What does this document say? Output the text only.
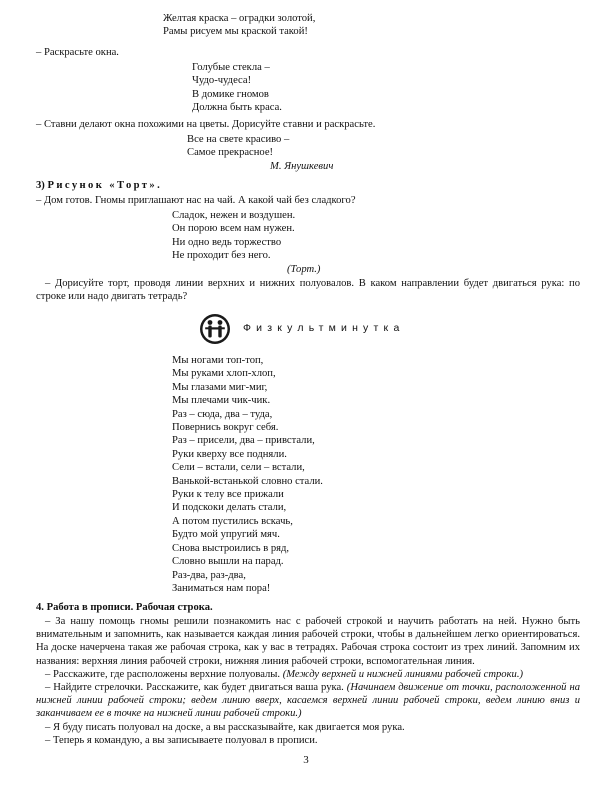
Желтая краска – оградки золотой,
Рамы рисуем мы краской такой!
– Раскрасьте окна.
Голубые стекла –
Чудо-чудеса!
В домике гномов
Должна быть краса.
– Ставни делают окна похожими на цветы. Дорисуйте ставни и раскрасьте.
Все на свете красиво –
Самое прекрасное!
М. Янушкевич
3) Рисунок «Торт».
– Дом готов. Гномы приглашают нас на чай. А какой чай без сладкого?
Сладок, нежен и воздушен.
Он порою всем нам нужен.
Ни одно ведь торжество
Не проходит без него.
(Торт.)

– Дорисуйте торт, проводя линии верхних и нижних полуовалов. В каком направлении будет двигаться рука: по строке или надо двигать тетрадь?

Физкультминутка
Мы ногами топ-топ,
Мы руками хлоп-хлоп,
Мы глазами миг-миг,
Мы плечами чик-чик.
Раз – сюда, два – туда,
Повернись вокруг себя.
Раз – присели, два – привстали,
Руки кверху все подняли.
Сели – встали, сели – встали,
Ванькой-встанькой словно стали.
Руки к телу все прижали
И подскоки делать стали,
А потом пустились вскачь,
Будто мой упругий мяч.
Снова выстроились в ряд,
Словно вышли на парад.
Раз-два, раз-два,
Заниматься нам пора!
4. Работа в прописи. Рабочая строка.

– За нашу помощь гномы решили познакомить нас с рабочей строкой и научить работать на ней. Нужно быть внимательным и запомнить, как называется каждая линия рабочей строки, чтобы в дальнейшем легко ориентироваться. На доске начерчена такая же рабочая строка, как у вас в тетрадях. Рабочая строка состоит из трех линий. Запомним их названия: верхняя линия рабочей строки, нижняя линия рабочей строки, вспомогательная линия.

– Расскажите, где расположены верхние полуовалы. (Между верхней и нижней линиями рабочей строки.)

– Найдите стрелочки. Расскажите, как будет двигаться ваша рука. (Начинаем движение от точки, расположенной на нижней линии рабочей строки; ведем линию вверх, касаемся верхней линии рабочей строки, ведем линию вниз и заканчиваем ее в точке на нижней линии рабочей строки.)

– Я буду писать полуовал на доске, а вы рассказывайте, как двигается моя рука.

– Теперь я командую, а вы записываете полуовал в прописи.

3
